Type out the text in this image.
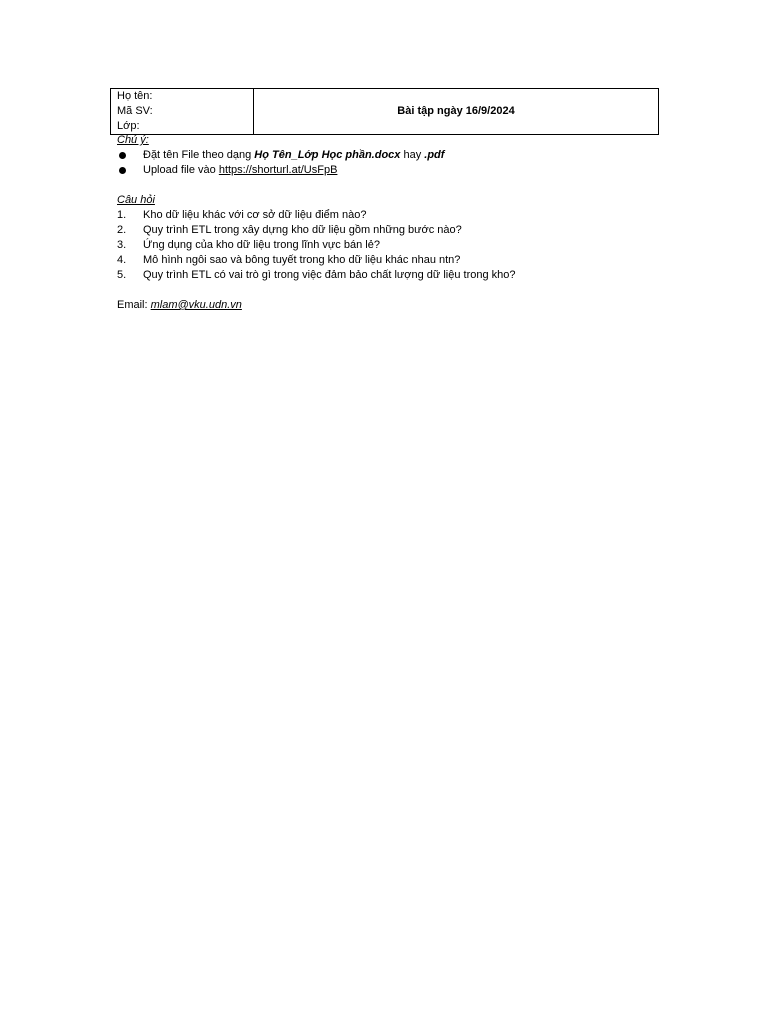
Họ tên:
Mã SV:
Lớp:
	Bài tập ngày 16/9/2024
Chú ý:
Đặt tên File theo dạng Họ Tên_Lớp Học phần.docx hay .pdf
Upload file vào https://shorturl.at/UsFpB
Câu hỏi
1.	Kho dữ liệu khác với cơ sở dữ liệu điểm nào?
2.	Quy trình ETL trong xây dựng kho dữ liệu gồm những bước nào?
3.	Ứng dụng của kho dữ liệu trong lĩnh vực bán lẻ?
4.	Mô hình ngôi sao và bông tuyết trong kho dữ liệu khác nhau ntn?
5.	Quy trình ETL có vai trò gì trong việc đảm bảo chất lượng dữ liệu trong kho?
Email: mlam@vku.udn.vn
